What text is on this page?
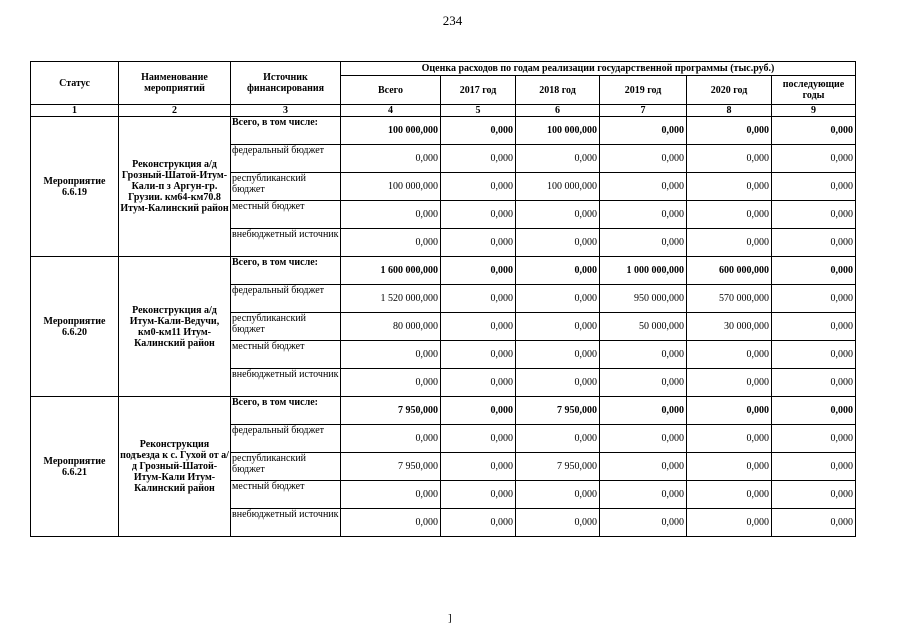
234
Статус	Наименование мероприятий	Источник финансирования	Оценка расходов по годам реализации государственной программы (тыс.руб.)					
			Всего	2017 год	2018 год	2019 год	2020 год	последующие годы
1	2	3	4	5	6	7	8	9
Мероприятие 6.6.19	Реконструкция а/д Грозный-Шатой-Итум-Кали-п з Аргун-гр. Грузии. км64-км70.8 Итум-Калинский район	Всего, в том числе:	100 000,000	0,000	100 000,000	0,000	0,000	0,000
		федеральный бюджет	0,000	0,000	0,000	0,000	0,000	0,000
		республиканский бюджет	100 000,000	0,000	100 000,000	0,000	0,000	0,000
		местный бюджет	0,000	0,000	0,000	0,000	0,000	0,000
		внебюджетный источник	0,000	0,000	0,000	0,000	0,000	0,000
Мероприятие 6.6.20	Реконструкция а/д Итум-Кали-Ведучи, км0-км11 Итум-Калинский район	Всего, в том числе:	1 600 000,000	0,000	0,000	1 000 000,000	600 000,000	0,000
		федеральный бюджет	1 520 000,000	0,000	0,000	950 000,000	570 000,000	0,000
		республиканский бюджет	80 000,000	0,000	0,000	50 000,000	30 000,000	0,000
		местный бюджет	0,000	0,000	0,000	0,000	0,000	0,000
		внебюджетный источник	0,000	0,000	0,000	0,000	0,000	0,000
Мероприятие 6.6.21	Реконструкция подъезда к с. Гухой от а/д Грозный-Шатой-Итум-Кали Итум-Калинский район	Всего, в том числе:	7 950,000	0,000	7 950,000	0,000	0,000	0,000
		федеральный бюджет	0,000	0,000	0,000	0,000	0,000	0,000
		республиканский бюджет	7 950,000	0,000	7 950,000	0,000	0,000	0,000
		местный бюджет	0,000	0,000	0,000	0,000	0,000	0,000
		внебюджетный источник	0,000	0,000	0,000	0,000	0,000	0,000
]
